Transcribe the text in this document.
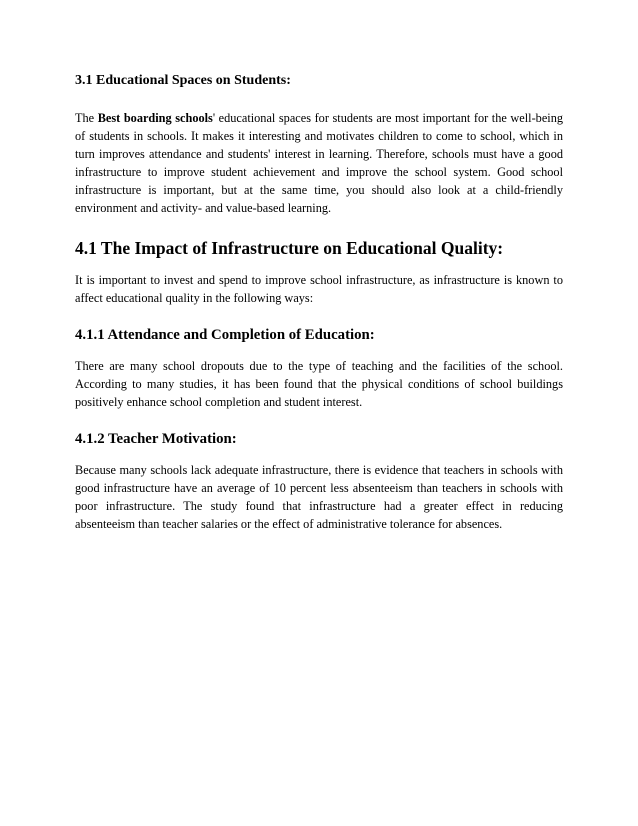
3.1 Educational Spaces on Students:

The Best boarding schools' educational spaces for students are most important for the well-being of students in schools. It makes it interesting and motivates children to come to school, which in turn improves attendance and students' interest in learning. Therefore, schools must have a good infrastructure to improve student achievement and improve the school system. Good school infrastructure is important, but at the same time, you should also look at a child-friendly environment and activity- and value-based learning.

4.1 The Impact of Infrastructure on Educational Quality:

It is important to invest and spend to improve school infrastructure, as infrastructure is known to affect educational quality in the following ways:

4.1.1 Attendance and Completion of Education:

There are many school dropouts due to the type of teaching and the facilities of the school. According to many studies, it has been found that the physical conditions of school buildings positively enhance school completion and student interest.

4.1.2 Teacher Motivation:

Because many schools lack adequate infrastructure, there is evidence that teachers in schools with good infrastructure have an average of 10 percent less absenteeism than teachers in schools with poor infrastructure. The study found that infrastructure had a greater effect in reducing absenteeism than teacher salaries or the effect of administrative tolerance for absences.
